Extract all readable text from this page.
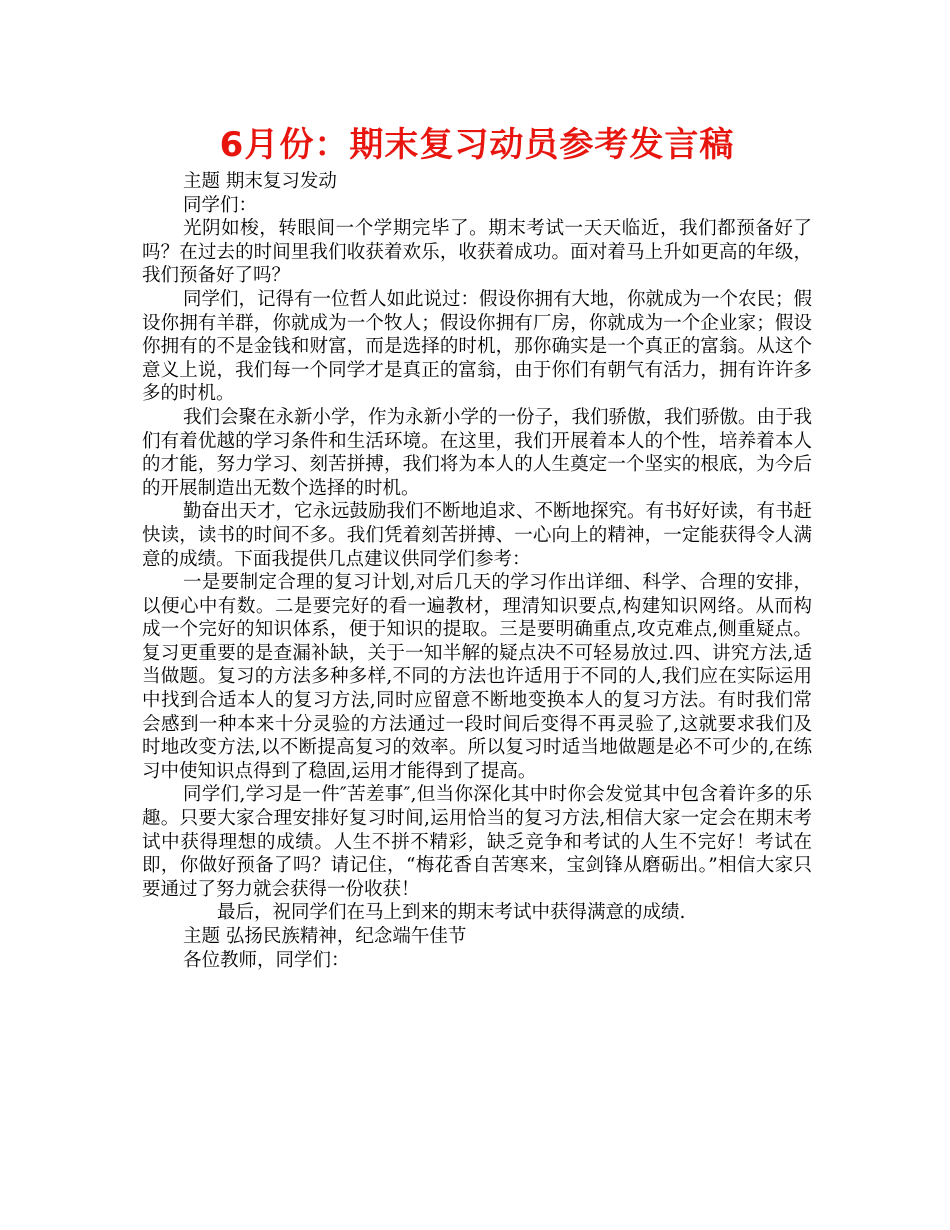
6月份：期末复习动员参考发言稿

主题 期末复习发动

同学们：

光阴如梭，转眼间一个学期完毕了。期末考试一天天临近，我们都预备好了吗？在过去的时间里我们收获着欢乐，收获着成功。面对着马上升如更高的年级，我们预备好了吗？

同学们，记得有一位哲人如此说过：假设你拥有大地，你就成为一个农民；假设你拥有羊群，你就成为一个牧人；假设你拥有厂房，你就成为一个企业家；假设你拥有的不是金钱和财富，而是选择的时机，那你确实是一个真正的富翁。从这个意义上说，我们每一个同学才是真正的富翁，由于你们有朝气有活力，拥有许许多多的时机。

我们会聚在永新小学，作为永新小学的一份子，我们骄傲，我们骄傲。由于我们有着优越的学习条件和生活环境。在这里，我们开展着本人的个性，培养着本人的才能，努力学习、刻苦拼搏，我们将为本人的人生奠定一个坚实的根底，为今后的开展制造出无数个选择的时机。

勤奋出天才，它永远鼓励我们不断地追求、不断地探究。有书好好读，有书赶快读，读书的时间不多。我们凭着刻苦拼搏、一心向上的精神，一定能获得令人满意的成绩。下面我提供几点建议供同学们参考：

一是要制定合理的复习计划,对后几天的学习作出详细、科学、合理的安排，以便心中有数。二是要完好的看一遍教材，理清知识要点,构建知识网络。从而构成一个完好的知识体系，便于知识的提取。三是要明确重点,攻克难点,侧重疑点。复习更重要的是查漏补缺，关于一知半解的疑点决不可轻易放过.四、讲究方法,适当做题。复习的方法多种多样,不同的方法也许适用于不同的人,我们应在实际运用中找到合适本人的复习方法,同时应留意不断地变换本人的复习方法。有时我们常会感到一种本来十分灵验的方法通过一段时间后变得不再灵验了,这就要求我们及时地改变方法,以不断提高复习的效率。所以复习时适当地做题是必不可少的,在练习中使知识点得到了稳固,运用才能得到了提高。

同学们,学习是一件″苦差事″,但当你深化其中时你会发觉其中包含着许多的乐趣。只要大家合理安排好复习时间,运用恰当的复习方法,相信大家一定会在期末考试中获得理想的成绩。人生不拼不精彩，缺乏竞争和考试的人生不完好！考试在即，你做好预备了吗？请记住，“梅花香自苦寒来，宝剑锋从磨砺出。”相信大家只要通过了努力就会获得一份收获！

最后，祝同学们在马上到来的期末考试中获得满意的成绩.

主题 弘扬民族精神，纪念端午佳节

各位教师，同学们：
